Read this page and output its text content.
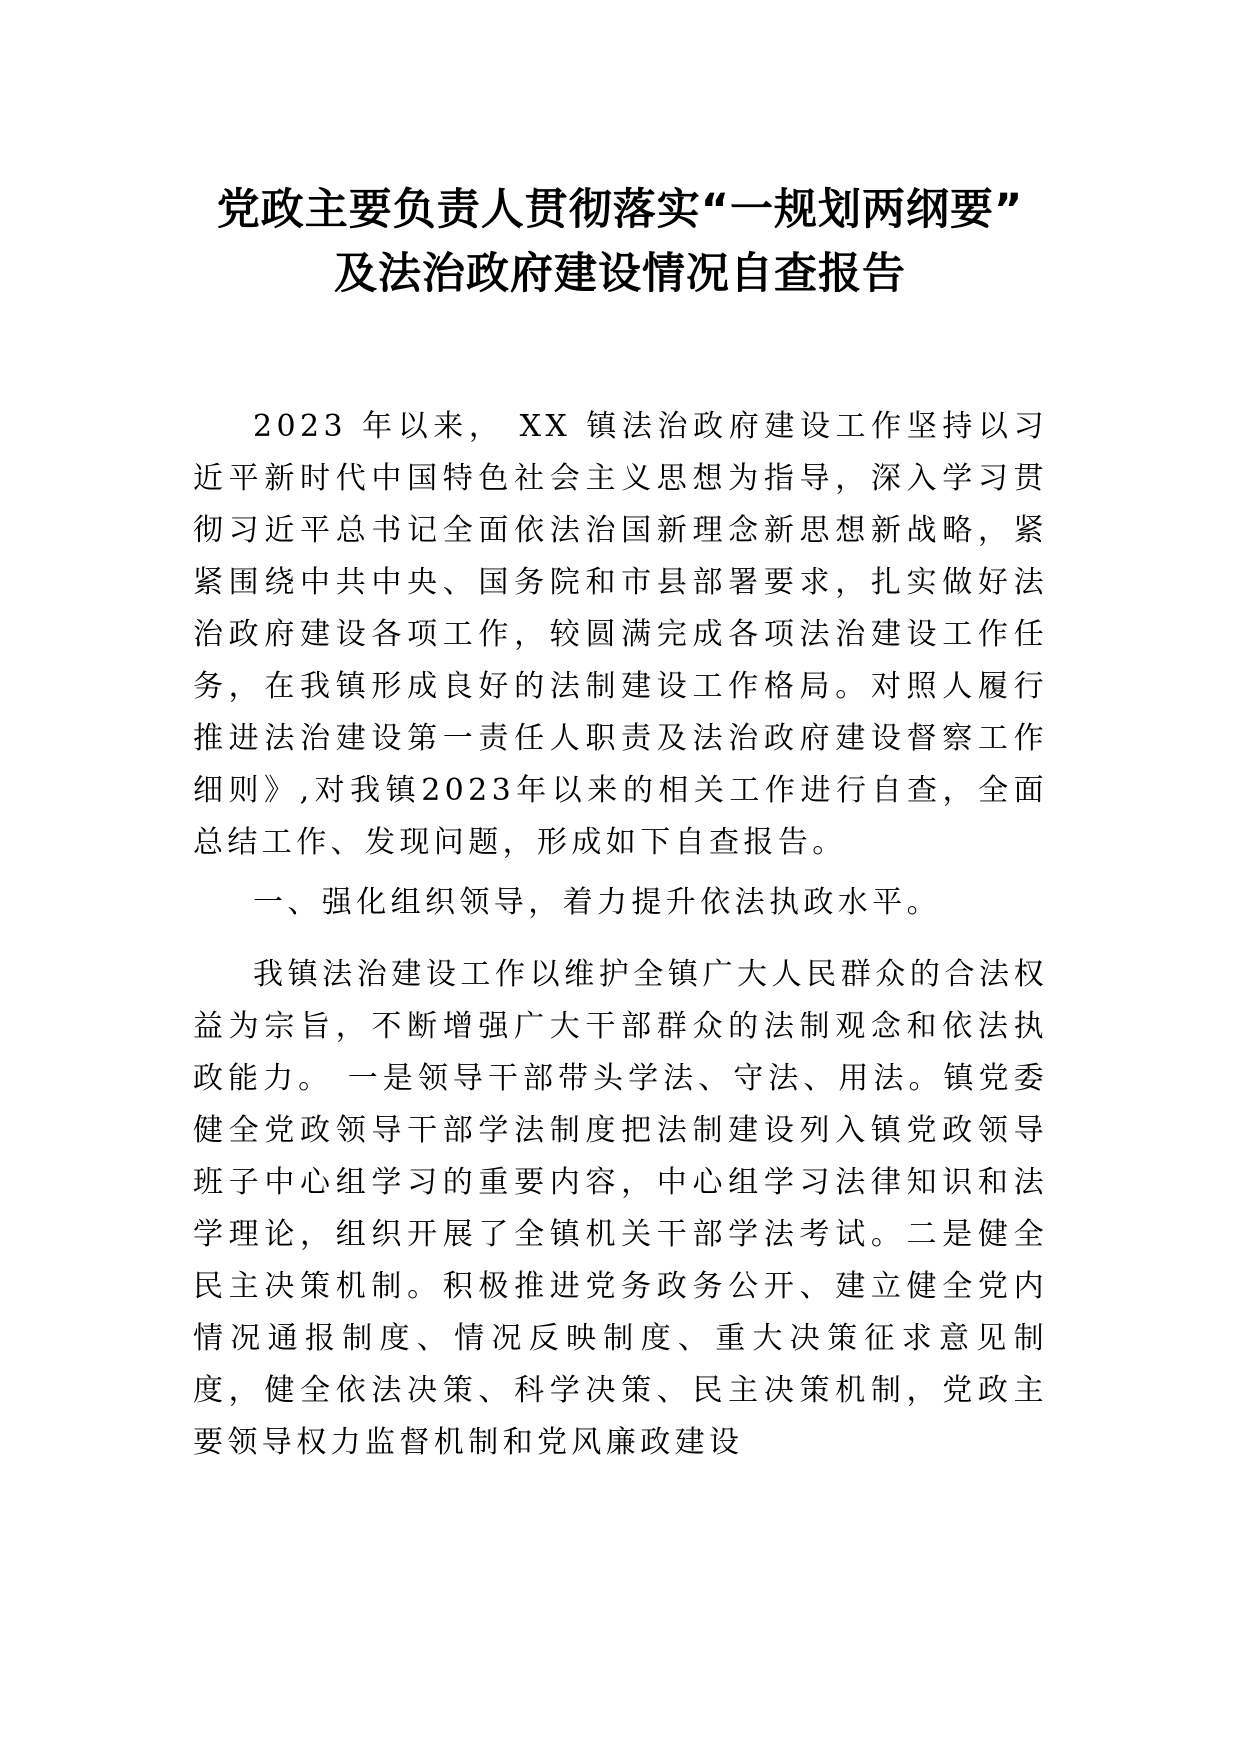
党政主要负责人贯彻落实“一规划两纲要”
及法治政府建设情况自查报告

2023 年以来， XX 镇法治政府建设工作坚持以习近平新时代中国特色社会主义思想为指导，深入学习贯彻习近平总书记全面依法治国新理念新思想新战略，紧紧围绕中共中央、国务院和市县部署要求，扎实做好法治政府建设各项工作，较圆满完成各项法治建设工作任务，在我镇形成良好的法制建设工作格局。对照人履行推进法治建设第一责任人职责及法治政府建设督察工作细则》,对我镇2023年以来的相关工作进行自查，全面总结工作、发现问题，形成如下自查报告。

一、强化组织领导，着力提升依法执政水平。

我镇法治建设工作以维护全镇广大人民群众的合法权益为宗旨，不断增强广大干部群众的法制观念和依法执政能力。 一是领导干部带头学法、守法、用法。镇党委健全党政领导干部学法制度把法制建设列入镇党政领导班子中心组学习的重要内容，中心组学习法律知识和法学理论，组织开展了全镇机关干部学法考试。二是健全民主决策机制。积极推进党务政务公开、建立健全党内情况通报制度、情况反映制度、重大决策征求意见制度，健全依法决策、科学决策、民主决策机制，党政主要领导权力监督机制和党风廉政建设
